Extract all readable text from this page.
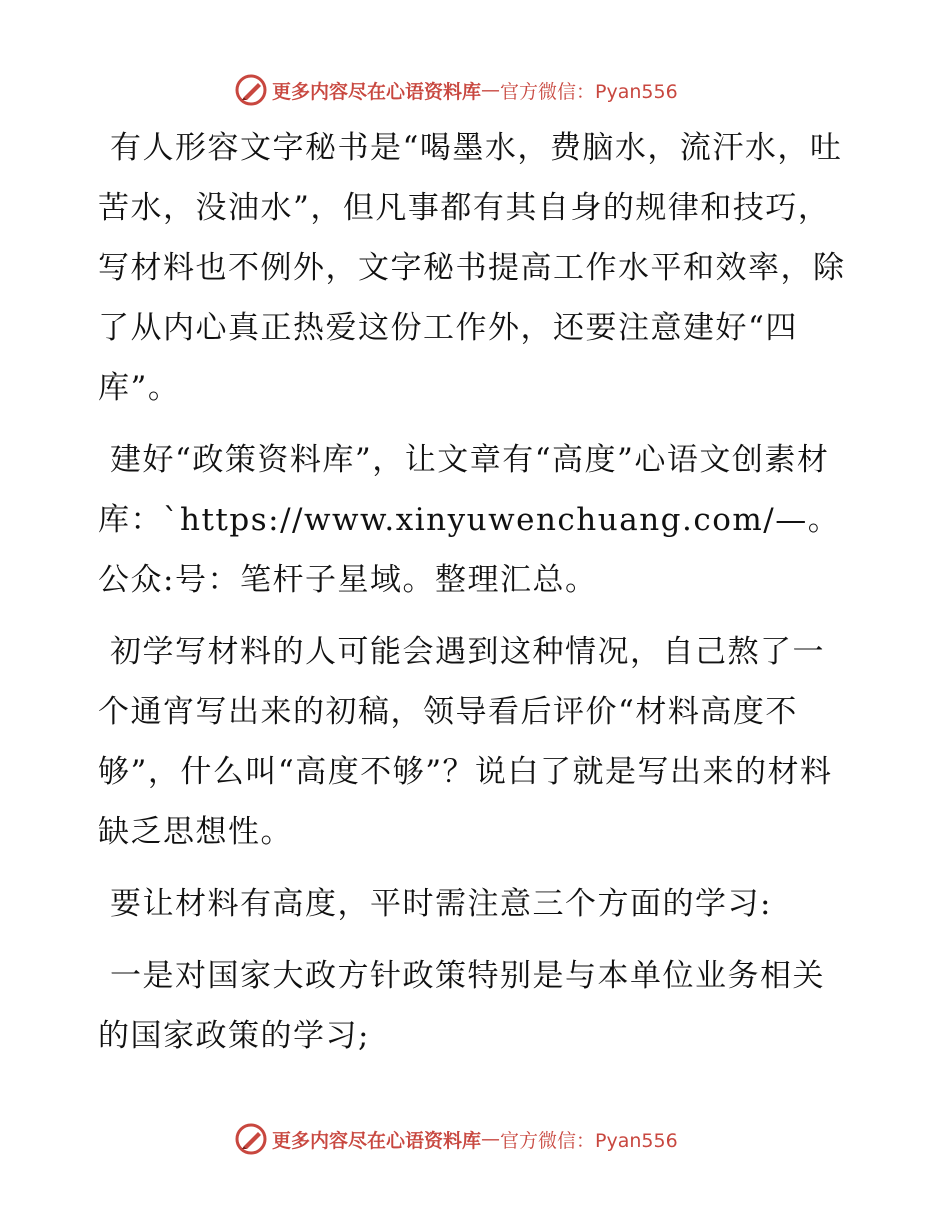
更多内容尽在心语资料库 — 官方微信：Pyan556

有人形容文字秘书是“喝墨水，费脑水，流汗水，吐苦水，没油水”，但凡事都有其自身的规律和技巧，写材料也不例外，文字秘书提高工作水平和效率，除了从内心真正热爱这份工作外，还要注意建好“四库”。

建好“政策资料库”，让文章有“高度”心语文创素材库：`https://www.xinyuwenchuang.com/—。公众:号：笔杆子星域。整理汇总。

初学写材料的人可能会遇到这种情况，自己熬了一个通宵写出来的初稿，领导看后评价“材料高度不够”，什么叫“高度不够”？说白了就是写出来的材料缺乏思想性。

要让材料有高度，平时需注意三个方面的学习:

一是对国家大政方针政策特别是与本单位业务相关的国家政策的学习;

更多内容尽在心语资料库 — 官方微信：Pyan556
